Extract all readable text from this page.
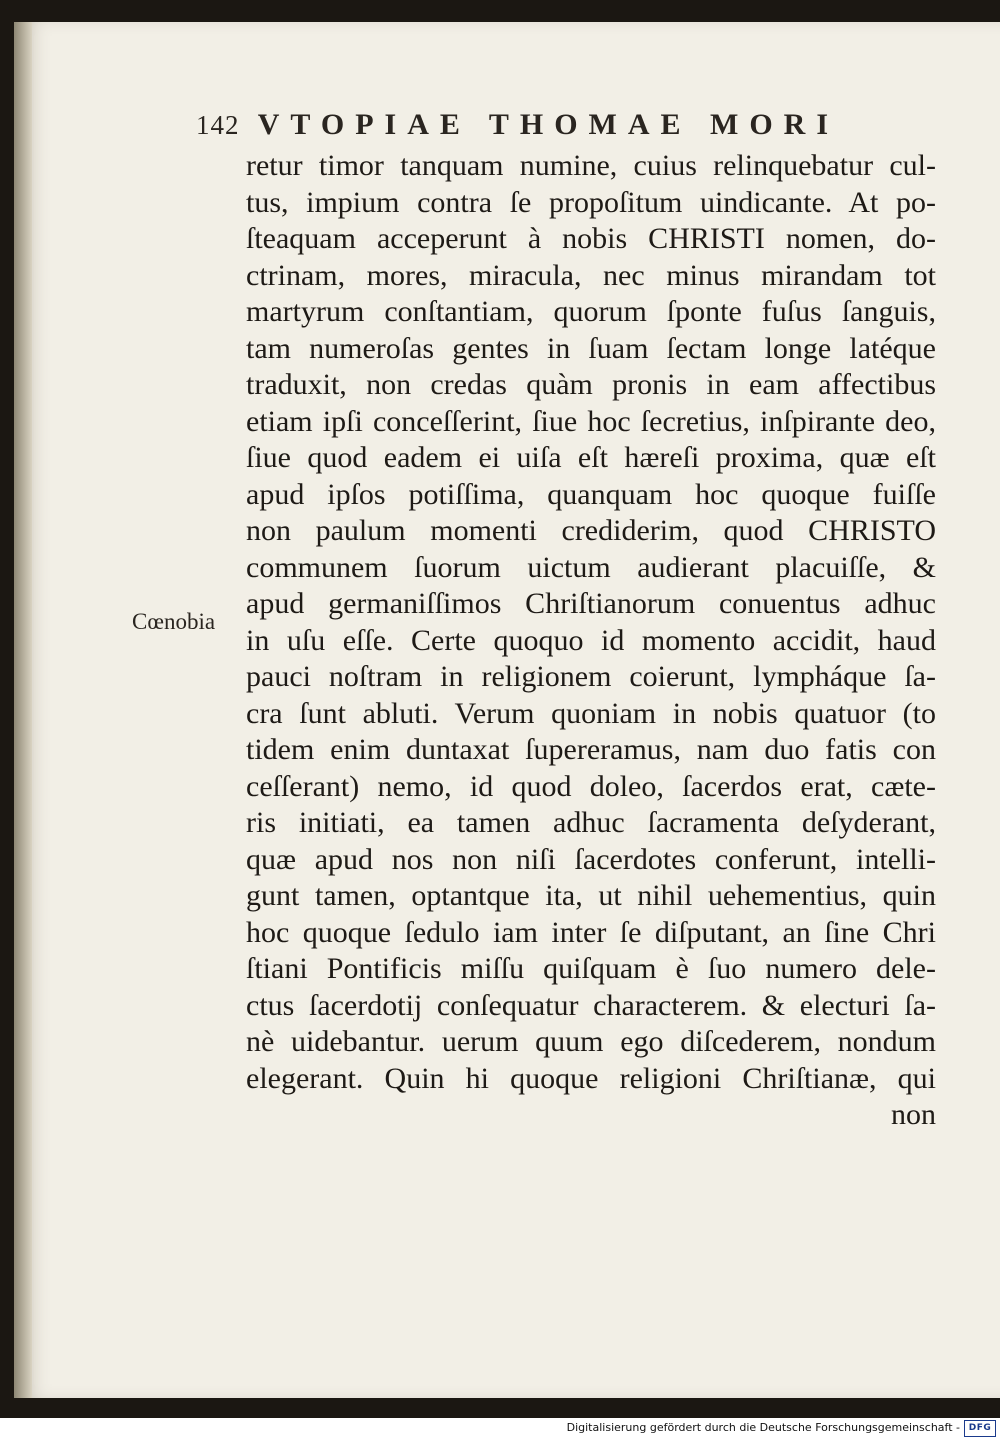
142 VTOPIAE THOMAE MORI
Cœnobia
retur timor tanquam numine, cuius relinquebatur cul-
tus, impium contra ſe propoſitum uindicante. At po-
ſteaquam acceperunt à nobis CHRISTI nomen, do-
ctrinam, mores, miracula, nec minus mirandam tot
martyrum conſtantiam, quorum ſponte fuſus ſanguis,
tam numeroſas gentes in ſuam ſectam longe latéque
traduxit, non credas quàm pronis in eam affectibus
etiam ipſi conceſſerint, ſiue hoc ſecretius, inſpirante deo,
ſiue quod eadem ei uiſa eſt hæreſi proxima, quæ eſt
apud ipſos potiſſima, quanquam hoc quoque fuiſſe
non paulum momenti crediderim, quod CHRISTO
communem ſuorum uictum audierant placuiſſe, &
apud germaniſſimos Chriſtianorum conuentus adhuc
in uſu eſſe. Certe quoquo id momento accidit, haud
pauci noſtram in religionem coierunt, lympháque ſa-
cra ſunt abluti. Verum quoniam in nobis quatuor (to
tidem enim duntaxat ſupereramus, nam duo fatis con
ceſſerant) nemo, id quod doleo, ſacerdos erat, cæte-
ris initiati, ea tamen adhuc ſacramenta deſyderant,
quæ apud nos non niſi ſacerdotes conferunt, intelli-
gunt tamen, optantque ita, ut nihil uehementius, quin
hoc quoque ſedulo iam inter ſe diſputant, an ſine Chri
ſtiani Pontificis miſſu quiſquam è ſuo numero dele-
ctus ſacerdotij conſequatur characterem. & electuri ſa-
nè uidebantur. uerum quum ego diſcederem, nondum
elegerant. Quin hi quoque religioni Chriſtianæ, qui
non
Digitalisierung gefördert durch die Deutsche Forschungsgemeinschaft - DFG
